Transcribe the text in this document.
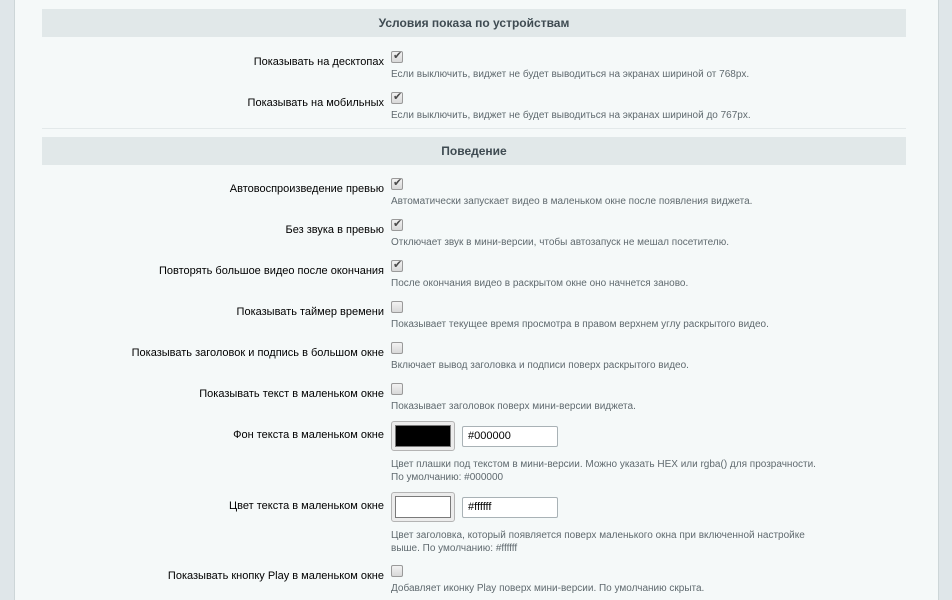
Условия показа по устройствам
Показывать на десктопах ✔
Если выключить, виджет не будет выводиться на экранах шириной от 768px.
Показывать на мобильных ✔
Если выключить, виджет не будет выводиться на экранах шириной до 767px.
Поведение
Автовоспроизведение превью ✔
Автоматически запускает видео в маленьком окне после появления виджета.
Без звука в превью ✔
Отключает звук в мини-версии, чтобы автозапуск не мешал посетителю.
Повторять большое видео после окончания ✔
После окончания видео в раскрытом окне оно начнется заново.
Показывать таймер времени
Показывает текущее время просмотра в правом верхнем углу раскрытого видео.
Показывать заголовок и подпись в большом окне
Включает вывод заголовка и подписи поверх раскрытого видео.
Показывать текст в маленьком окне
Показывает заголовок поверх мини-версии виджета.
Фон текста в маленьком окне	#000000
Цвет плашки под текстом в мини-версии. Можно указать HEX или rgba() для прозрачности.
По умолчанию: #000000
Цвет текста в маленьком окне	#ffffff
Цвет заголовка, который появляется поверх маленького окна при включенной настройке
выше. По умолчанию: #ffffff
Показывать кнопку Play в маленьком окне
Добавляет иконку Play поверх мини-версии. По умолчанию скрыта.
